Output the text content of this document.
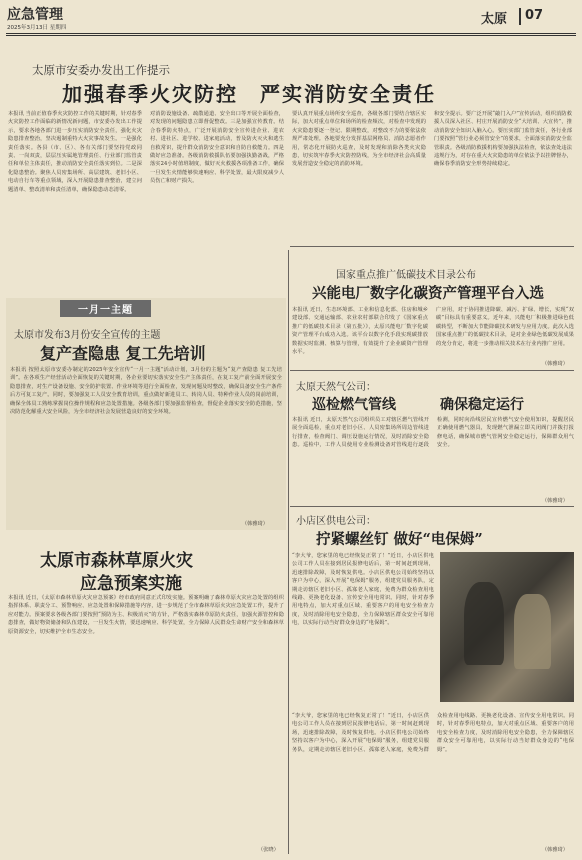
应急管理
2025年3月13日 星期四
太原 07
太原市安委办发出工作提示
加强春季火灾防控　严实消防安全责任
本报讯 当前正值春季火灾防控工作的关键时期，针对春季火灾防控工作面临的新情况新问题，市安委办发出工作提示，要求各地各部门进一步压实消防安全责任，强化火灾隐患排查整治，坚决遏制重特大火灾事故发生。一是强化责任落实。各县（市、区）、各有关部门要坚持党政同责、一岗双责，层层压实属地管理责任、行业部门监管责任和单位主体责任，推动消防安全责任落实到位。二是深化隐患整治。聚焦人员密集场所、高层建筑、老旧小区、电动自行车等重点领域，深入开展隐患排查整治，建立问题清单、整改清单和责任清单，确保隐患动态清零。
对消防设施设备、疏散通道、安全出口等开展全面检查，对发现的问题隐患立即督促整改。三是加强宣传教育。结合春季防火特点，广泛开展消防安全宣传进企业、进农村、进社区、进学校、进家庭活动，普及防火灭火和逃生自救常识，提升群众消防安全意识和自防自救能力。四是做好应急准备。各级消防救援队伍要加强执勤备战，严格落实24小时值班制度，做好灭火救援各项准备工作，确保一旦发生火情能够快速响应、科学处置，最大限度减少人员伤亡和财产损失。
要认真开展重点场所安全巡查，各级各部门要结合辖区实际，加大对重点单位和场所的检查频次，对检查中发现的火灾隐患要逐一登记、限期整改，对整改不力的要依法依规严肃处理。各地要充分发挥基层网格员、消防志愿者作用，常态化开展防火巡查，及时发现和消除各类火灾隐患，切实筑牢春季火灾防控防线，为全市经济社会高质量发展营造安全稳定的消防环境。
和安全提示。要广泛开展“敲门入户”宣传活动，组织消防救援人员深入社区、村庄开展消防安全“大培训、大宣传”，推动消防安全知识入脑入心。要压实部门监管责任，各行业部门要按照“管行业必须管安全”的要求，全面落实消防安全监管职责。各级消防救援机构要加强执法检查，依法查处违法违规行为，对存在重大火灾隐患的单位依法予以挂牌督办，确保春季消防安全形势持续稳定。
一月一主题
太原市发布3月份安全宣传的主题
复产查隐患 复工先培训
本报讯 按照太原市安委办制定的2025年安全宣传“一月一主题”活动计划，3月份的主题为“复产查隐患 复工先培训”。在各项生产经营活动全面恢复的关键时期，各企业要切实落实安全生产主体责任，在复工复产前全面开展安全隐患排查，对生产设备设施、安全防护装置、作业环境等进行全面检查，发现问题及时整改，确保具备安全生产条件后方可复工复产。同时，要加强复工人员安全教育培训，重点做好新进员工、转岗人员、特种作业人员的岗前培训，确保全体员工熟练掌握岗位操作规程和应急处置措施。各级各部门要加强监督检查，督促企业落实安全防范措施，坚决防范化解重大安全风险，为全市经济社会发展营造良好的安全环境。
（韩雅琦）
国家重点推广低碳技术目录公布
兴能电厂数字化碳资产管理平台入选
本报讯 近日，生态环境部、工业和信息化部、住房和城乡建设部、交通运输部、农业农村部联合印发了《国家重点推广的低碳技术目录（第五批）》，太原兴能电厂数字化碳资产管理平台成功入选。该平台以数字化手段实现碳排放数据实时监测、核算与管理，有效提升了企业碳资产管理水平。
广应用，对于协同推进降碳、减污、扩绿、增长，实现“双碳”目标具有重要意义。近年来，兴能电厂积极推进绿色低碳转型，不断加大节能降碳技术研发与应用力度。此次入选国家重点推广的低碳技术目录，是对企业绿色低碳发展成果的充分肯定，将进一步推动相关技术在行业内推广应用。
（韩雅琦）
太原天然气公司：
巡检燃气管线	确保稳定运行
本报讯 近日，太原天然气公司组织员工对辖区燃气管线开展全面巡检，重点对老旧小区、人员密集场所周边管线进行排查，检查阀门、调压设施运行情况，及时消除安全隐患。巡检中，工作人员使用专业检测设备对管线进行逐段检测，同时向沿线居民宣传燃气安全使用知识，提醒居民正确使用燃气器具，发现燃气泄漏立即关闭阀门并拨打报修电话，确保城市燃气管网安全稳定运行，保障群众用气安全。
（韩雅琦）
小店区供电公司：
拧紧螺丝钉 做好“电保姆”
“李大爷，您家里的电已经恢复正常了！”近日，小店区供电公司工作人员在接到居民报修电话后，第一时间赶到现场，迅速排除故障，及时恢复供电。小店区供电公司始终坚持以客户为中心，深入开展“电保姆”服务，组建党员服务队，定期走访辖区老旧小区、孤寡老人家庭，免费为群众检查用电线路、更换老化设备、宣传安全用电常识。同时，针对春季用电特点，加大对重点区域、重要客户的用电安全检查力度，及时消除用电安全隐患，全力保障辖区群众安全可靠用电，以实际行动当好群众身边的“电保姆”。
“李大爷，您家里的电已经恢复正常了！”近日，小店区供电公司工作人员在接到居民报修电话后，第一时间赶到现场，迅速排除故障，及时恢复供电。小店区供电公司始终坚持以客户为中心，深入开展“电保姆”服务，组建党员服务队，定期走访辖区老旧小区、孤寡老人家庭，免费为群众检查用电线路、更换老化设备、宣传安全用电常识。同时，针对春季用电特点，加大对重点区域、重要客户的用电安全检查力度，及时消除用电安全隐患，全力保障辖区群众安全可靠用电，以实际行动当好群众身边的“电保姆”。
（韩雅琦）
太原市森林草原火灾
应急预案实施
本报讯 近日，《太原市森林草原火灾应急预案》经市政府同意正式印发实施。预案明确了森林草原火灾应急处置的组织指挥体系、职责分工、预警响应、应急处置和保障措施等内容，进一步规范了全市森林草原火灾应急处置工作，提升了应对能力。预案要求各级各部门要按照“预防为主、积极消灭”的方针，严格落实森林草原防火责任，加强火源管控和隐患排查，做好物资储备和队伍建设，一旦发生火情，要迅速响应、科学处置，全力保障人民群众生命财产安全和森林草原资源安全，切实维护全市生态安全。
（张晓）
